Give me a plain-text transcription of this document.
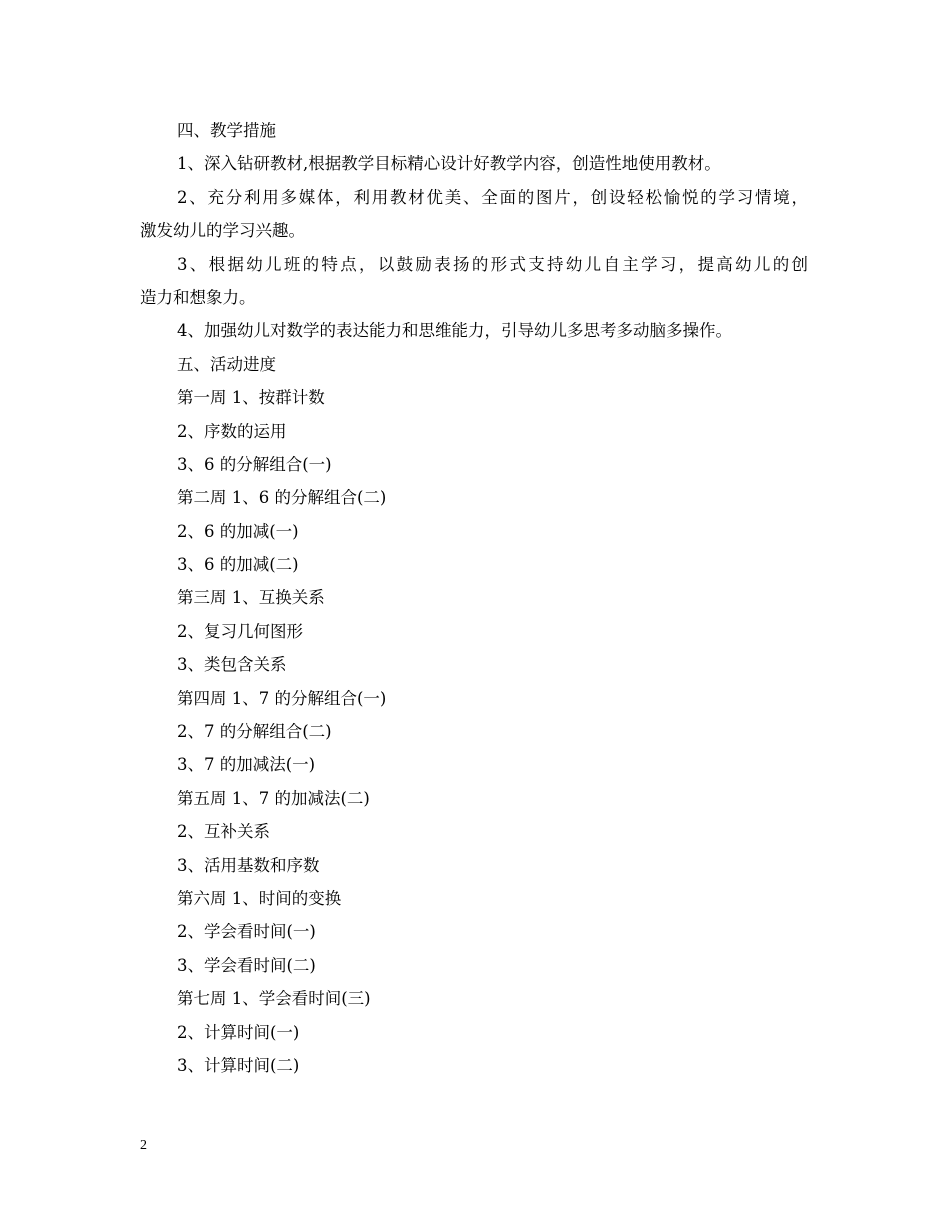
四、教学措施
1、深入钻研教材,根据教学目标精心设计好教学内容，创造性地使用教材。
2、充分利用多媒体，利用教材优美、全面的图片，创设轻松愉悦的学习情境，
激发幼儿的学习兴趣。
3、根据幼儿班的特点，以鼓励表扬的形式支持幼儿自主学习，提高幼儿的创
造力和想象力。
4、加强幼儿对数学的表达能力和思维能力，引导幼儿多思考多动脑多操作。
五、活动进度
第一周 1、按群计数
2、序数的运用
3、6 的分解组合(一)
第二周 1、6 的分解组合(二)
2、6 的加减(一)
3、6 的加减(二)
第三周 1、互换关系
2、复习几何图形
3、类包含关系
第四周 1、7 的分解组合(一)
2、7 的分解组合(二)
3、7 的加减法(一)
第五周 1、7 的加减法(二)
2、互补关系
3、活用基数和序数
第六周 1、时间的变换
2、学会看时间(一)
3、学会看时间(二)
第七周 1、学会看时间(三)
2、计算时间(一)
3、计算时间(二)
2
